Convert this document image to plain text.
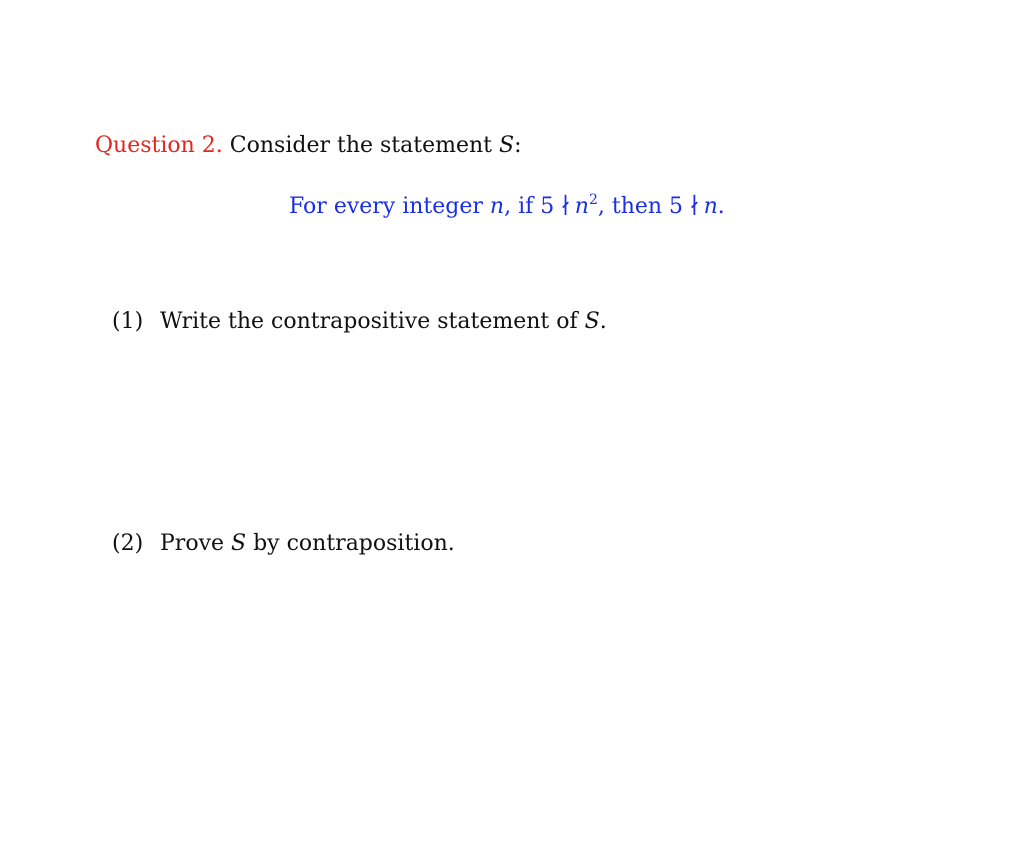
Question 2. Consider the statement S:
For every integer n, if 5 ∤ $n^2$, then 5 ∤ n.
(1) Write the contrapositive statement of S.
(2) Prove S by contraposition.
